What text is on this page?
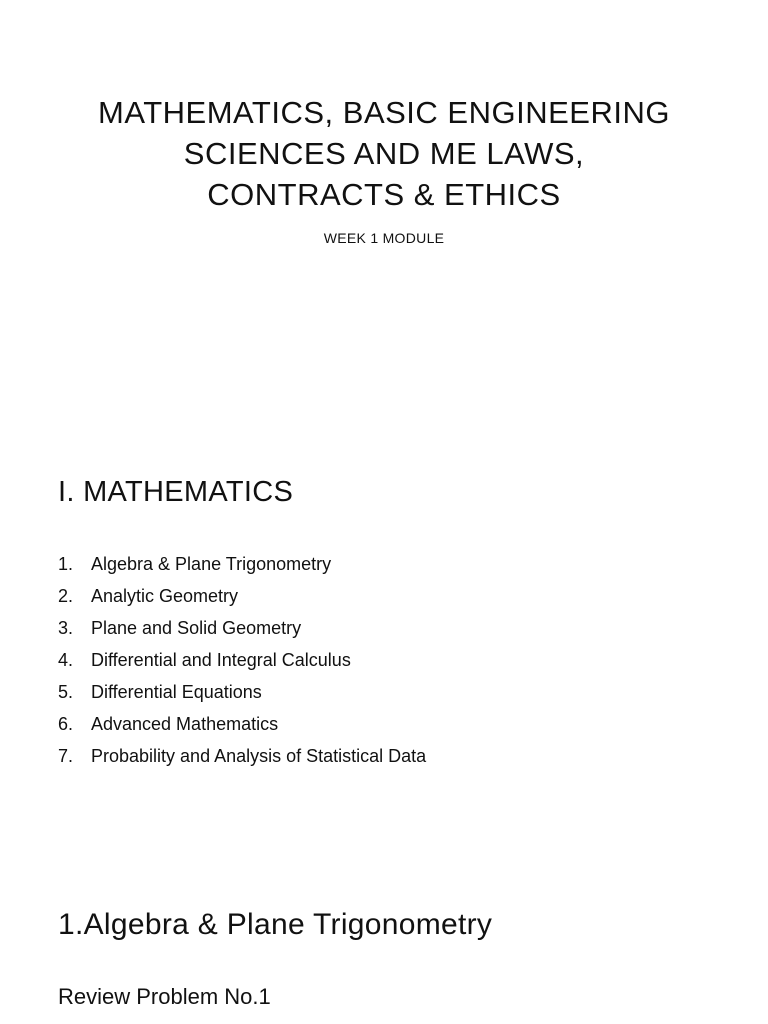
MATHEMATICS, BASIC ENGINEERING
SCIENCES AND ME LAWS,
CONTRACTS & ETHICS
WEEK 1 MODULE
I. MATHEMATICS
1. Algebra & Plane Trigonometry
2. Analytic Geometry
3. Plane and Solid Geometry
4. Differential and Integral Calculus
5. Differential Equations
6. Advanced Mathematics
7. Probability and Analysis of Statistical Data
1.Algebra & Plane Trigonometry
Review Problem No.1
